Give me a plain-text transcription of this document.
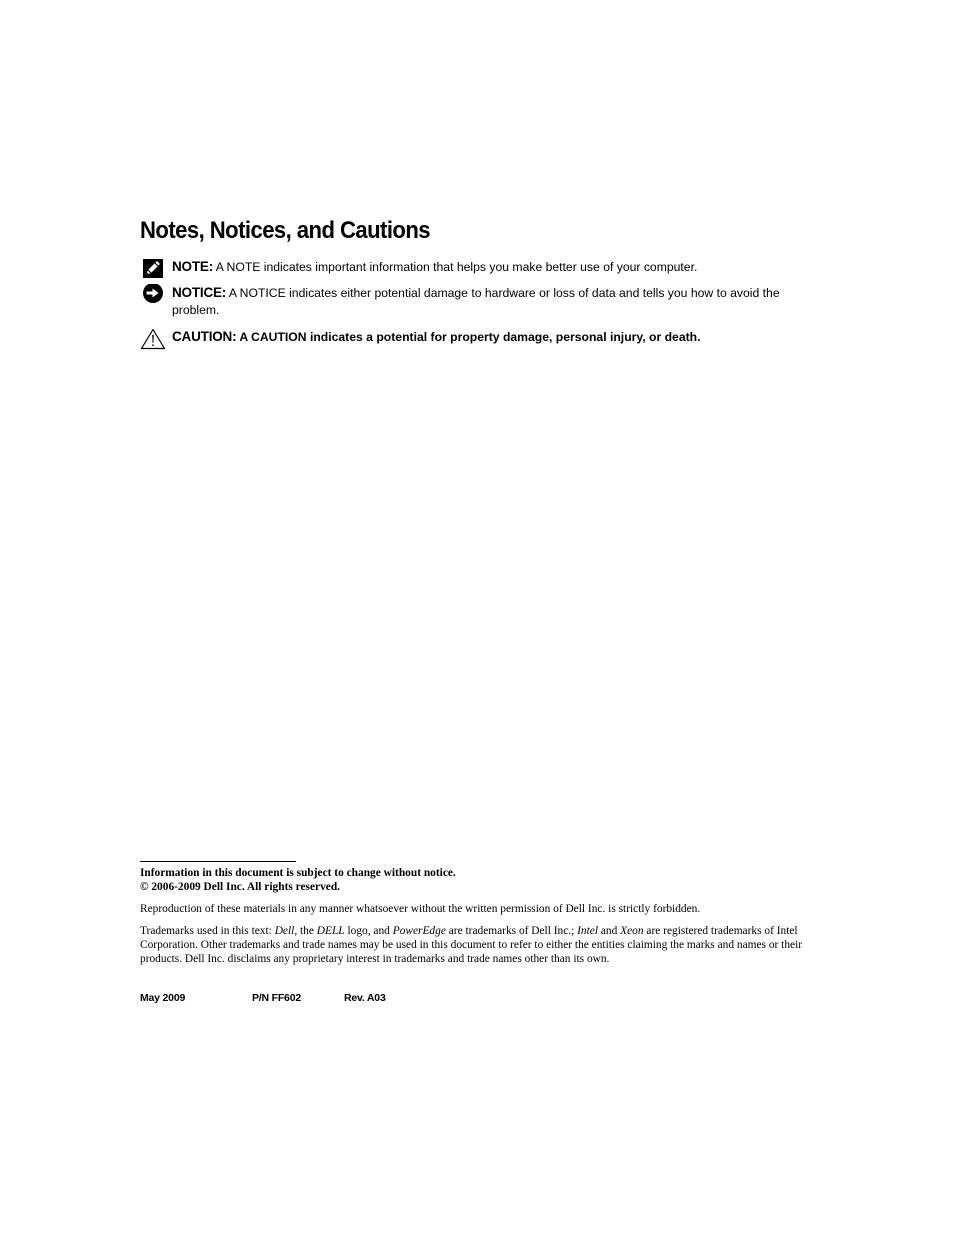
Notes, Notices, and Cautions
NOTE: A NOTE indicates important information that helps you make better use of your computer.
NOTICE: A NOTICE indicates either potential damage to hardware or loss of data and tells you how to avoid the problem.
CAUTION: A CAUTION indicates a potential for property damage, personal injury, or death.
Information in this document is subject to change without notice.
© 2006-2009 Dell Inc. All rights reserved.
Reproduction of these materials in any manner whatsoever without the written permission of Dell Inc. is strictly forbidden.
Trademarks used in this text: Dell, the DELL logo, and PowerEdge are trademarks of Dell Inc.; Intel and Xeon are registered trademarks of Intel Corporation. Other trademarks and trade names may be used in this document to refer to either the entities claiming the marks and names or their products. Dell Inc. disclaims any proprietary interest in trademarks and trade names other than its own.
May 2009	P/N FF602	Rev. A03
